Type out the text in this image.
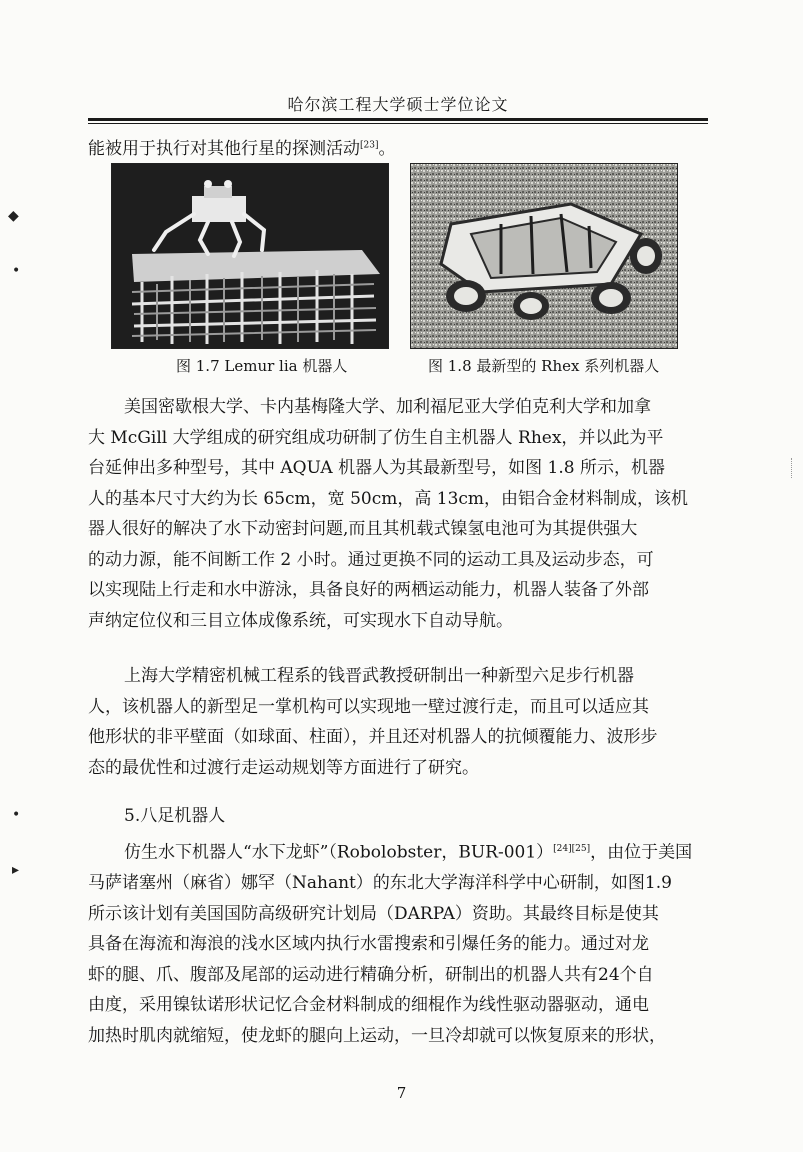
哈尔滨工程大学硕士学位论文
能被用于执行对其他行星的探测活动[23]。
图 1.7 Lemur lia 机器人	图 1.8 最新型的 Rhex 系列机器人
美国密歇根大学、卡内基梅隆大学、加利福尼亚大学伯克利大学和加拿
大 McGill 大学组成的研究组成功研制了仿生自主机器人 Rhex，并以此为平
台延伸出多种型号，其中 AQUA 机器人为其最新型号，如图 1.8 所示，机器
人的基本尺寸大约为长 65cm，宽 50cm，高 13cm，由铝合金材料制成，该机
器人很好的解决了水下动密封问题,而且其机载式镍氢电池可为其提供强大
的动力源，能不间断工作 2 小时。通过更换不同的运动工具及运动步态，可
以实现陆上行走和水中游泳，具备良好的两栖运动能力，机器人装备了外部
声纳定位仪和三目立体成像系统，可实现水下自动导航。
上海大学精密机械工程系的钱晋武教授研制出一种新型六足步行机器
人，该机器人的新型足一掌机构可以实现地一壁过渡行走，而且可以适应其
他形状的非平壁面（如球面、柱面），并且还对机器人的抗倾覆能力、波形步
态的最优性和过渡行走运动规划等方面进行了研究。
5.八足机器人
仿生水下机器人“水下龙虾”（Robolobster，BUR-001）[24][25]，由位于美国
马萨诸塞州（麻省）娜罕（Nahant）的东北大学海洋科学中心研制，如图1.9
所示该计划有美国国防高级研究计划局（DARPA）资助。其最终目标是使其
具备在海流和海浪的浅水区域内执行水雷搜索和引爆任务的能力。通过对龙
虾的腿、爪、腹部及尾部的运动进行精确分析，研制出的机器人共有24个自
由度，采用镍钛诺形状记忆合金材料制成的细棍作为线性驱动器驱动，通电
加热时肌肉就缩短，使龙虾的腿向上运动，一旦冷却就可以恢复原来的形状，
7
◆
•
•
▸
